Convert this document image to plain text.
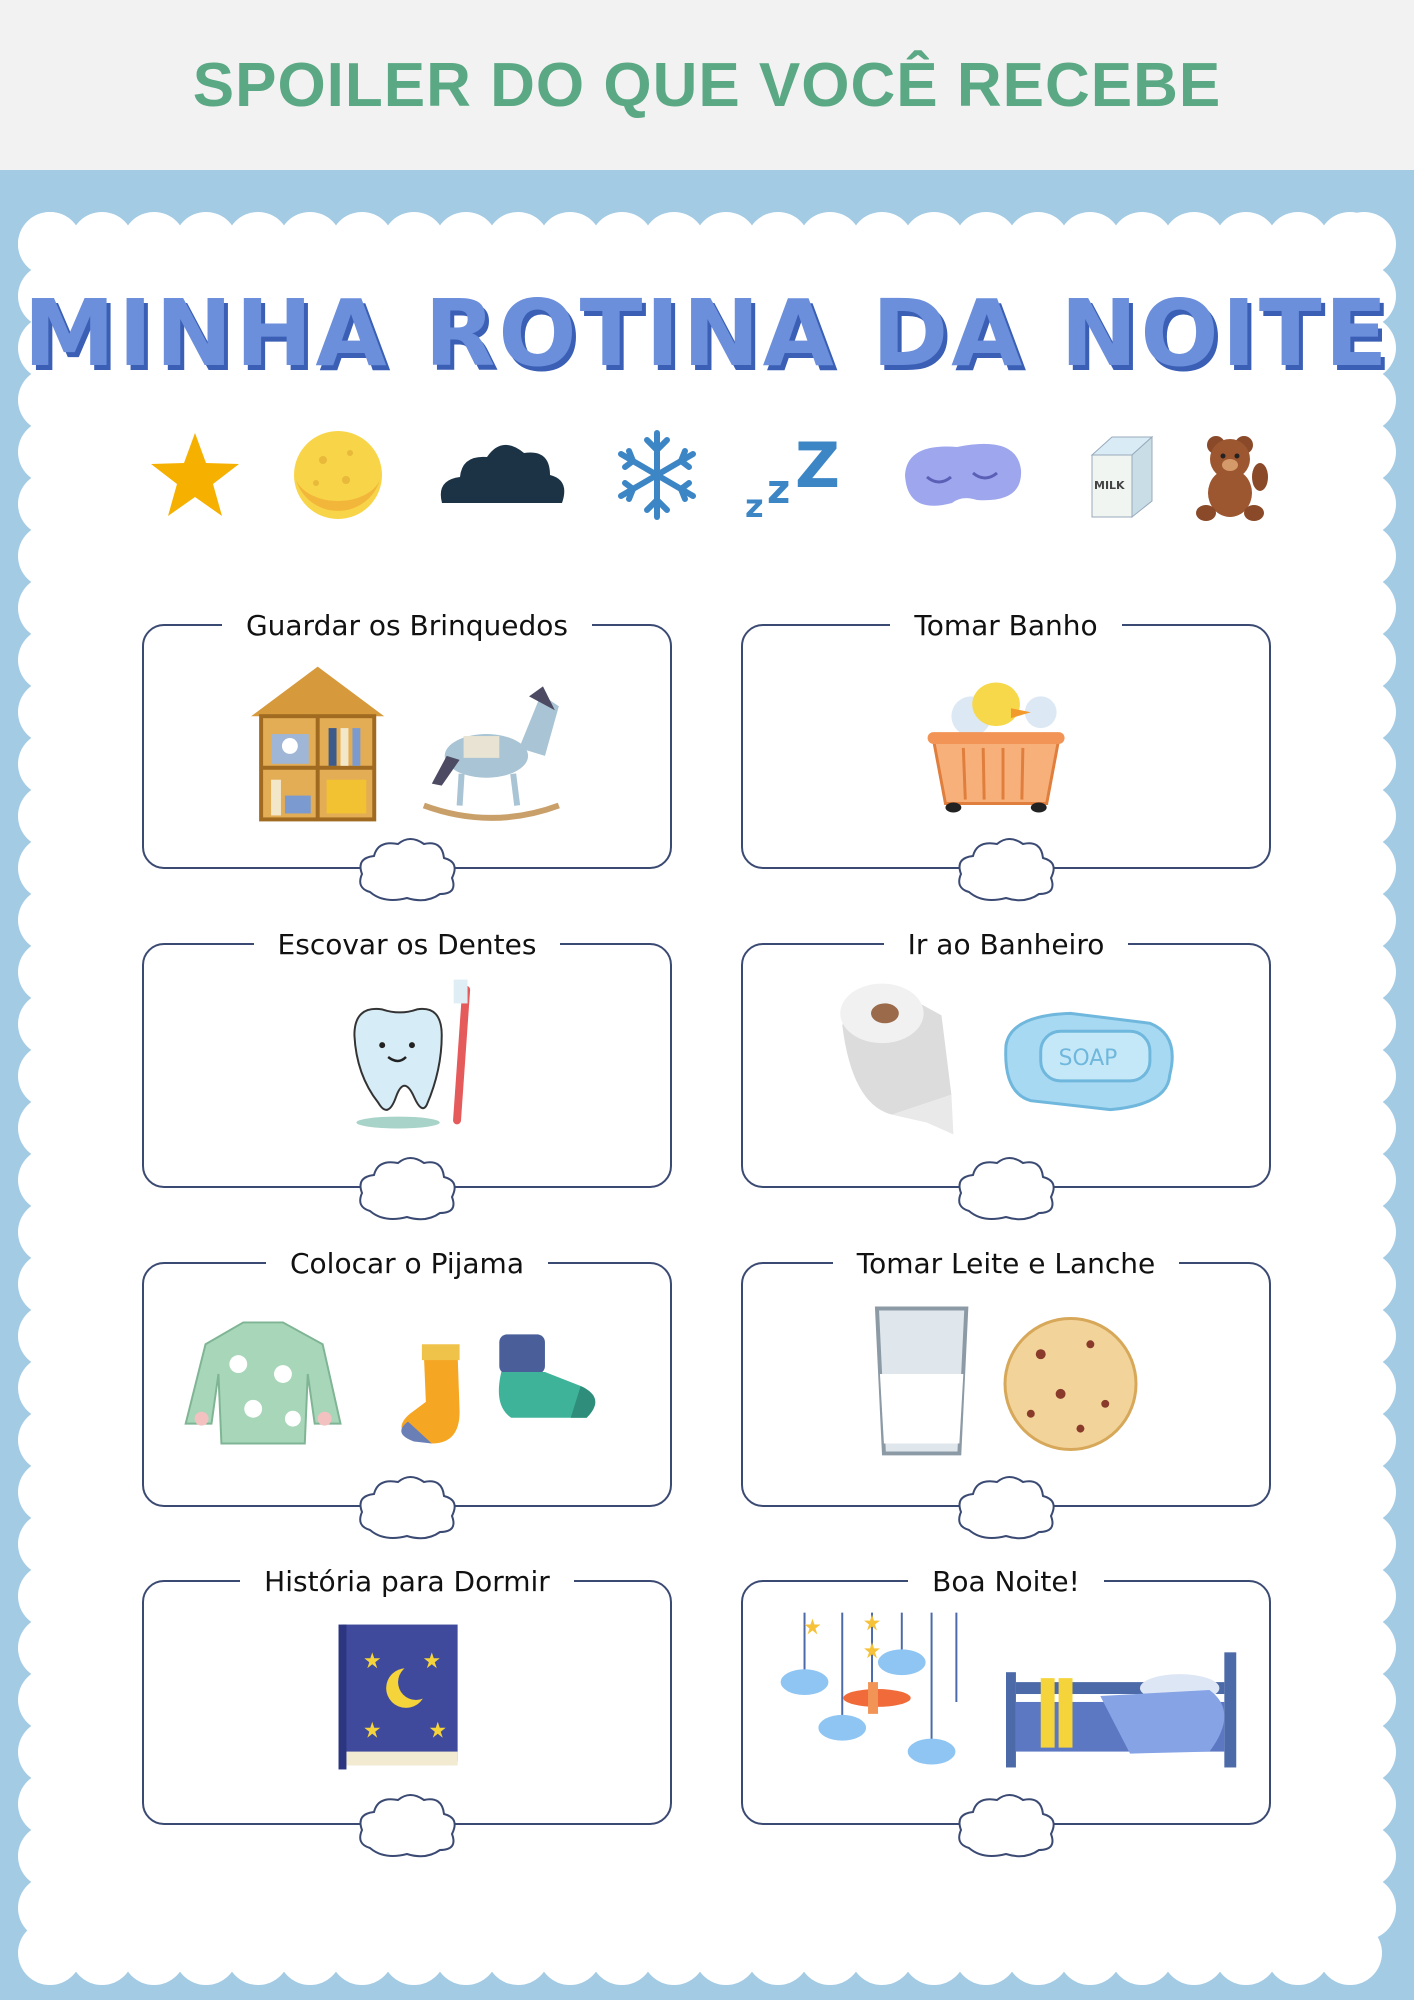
SPOILER DO QUE VOCÊ RECEBE
MINHA ROTINA DA NOITE
z z Z	MILK
Guardar os Brinquedos	Tomar Banho
Escovar os Dentes	Ir ao Banheiro
SOAP
Colocar o Pijama	Tomar Leite e Lanche
História para Dormir	Boa Noite!
